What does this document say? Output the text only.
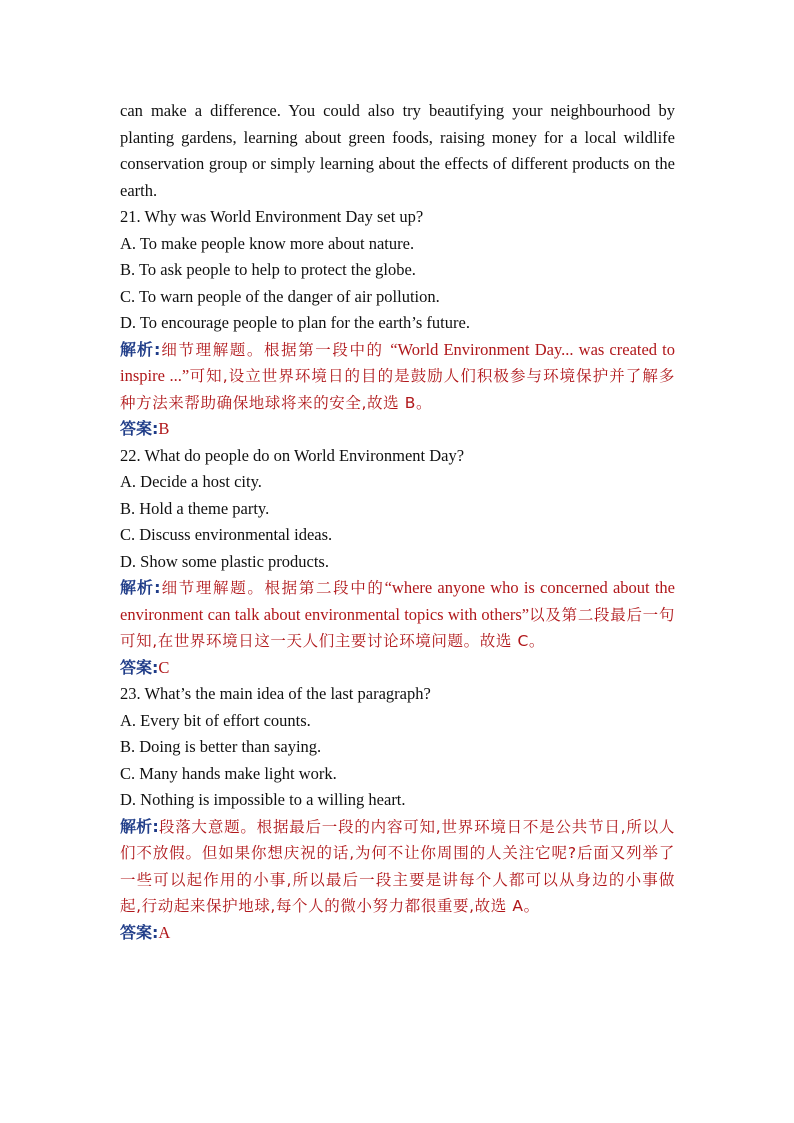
can make a difference. You could also try beautifying your neighbourhood by planting gardens, learning about green foods, raising money for a local wildlife conservation group or simply learning about the effects of different products on the earth.

21. Why was World Environment Day set up?

A. To make people know more about nature.

B. To ask people to help to protect the globe.

C. To warn people of the danger of air pollution.

D. To encourage people to plan for the earth’s future.

解析:细节理解题。根据第一段中的 “World Environment Day... was created to inspire ...”可知,设立世界环境日的目的是鼓励人们积极参与环境保护并了解多种方法来帮助确保地球将来的安全,故选 B。

答案:B

22. What do people do on World Environment Day?

A. Decide a host city.

B. Hold a theme party.

C. Discuss environmental ideas.

D. Show some plastic products.

解析:细节理解题。根据第二段中的“where anyone who is concerned about the environment can talk about environmental topics with others”以及第二段最后一句可知,在世界环境日这一天人们主要讨论环境问题。故选 C。

答案:C

23. What’s the main idea of the last paragraph?

A. Every bit of effort counts.

B. Doing is better than saying.

C. Many hands make light work.

D. Nothing is impossible to a willing heart.

解析:段落大意题。根据最后一段的内容可知,世界环境日不是公共节日,所以人们不放假。但如果你想庆祝的话,为何不让你周围的人关注它呢?后面又列举了一些可以起作用的小事,所以最后一段主要是讲每个人都可以从身边的小事做起,行动起来保护地球,每个人的微小努力都很重要,故选 A。

答案:A
